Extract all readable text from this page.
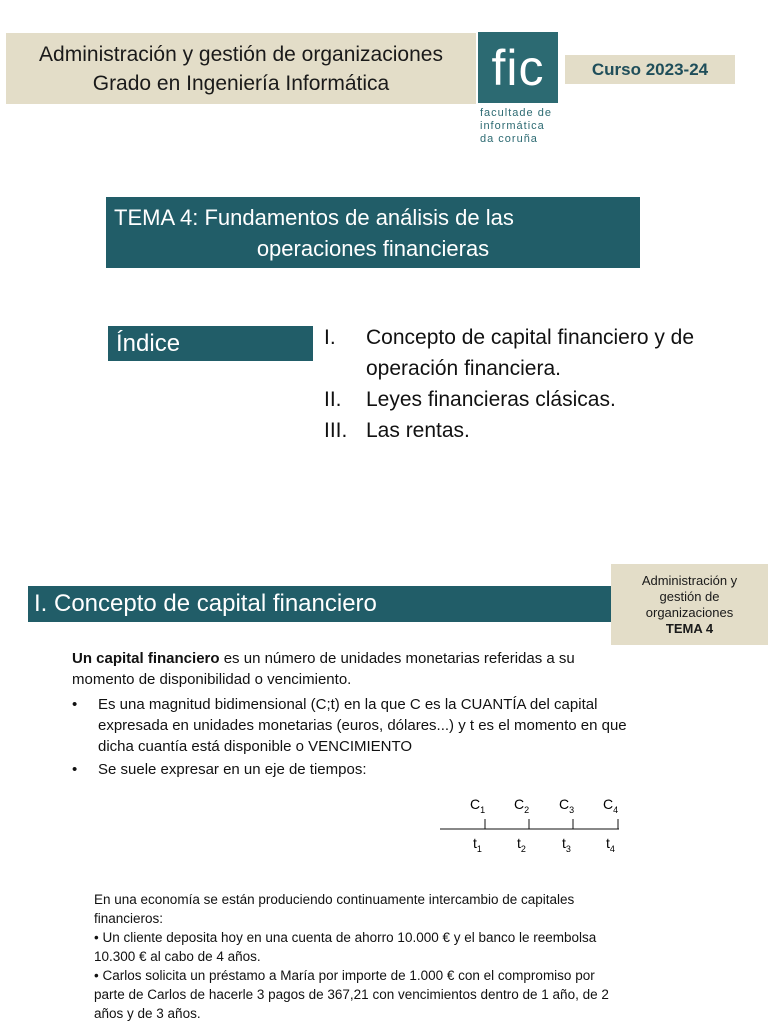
Administración y gestión de organizaciones
Grado en Ingeniería Informática fic
facultade de
informática
da coruña
Curso 2023-24
TEMA 4: Fundamentos de análisis de las
operaciones financieras
Índice	I.	Concepto de capital financiero y de operación financiera.
II.	Leyes financieras clásicas.
III. Las rentas.
I. Concepto de capital financiero
Administración y
gestión de
organizaciones
TEMA 4
Un capital financiero es un número de unidades monetarias referidas a su momento de disponibilidad o vencimiento.
•	Es una magnitud bidimensional (C;t) en la que C es la CUANTÍA del capital expresada en unidades monetarias (euros, dólares...) y t es el momento en que dicha cuantía está disponible o VENCIMIENTO
•	Se suele expresar en un eje de tiempos:
$C_1$ $C_2$ $C_3$ $C_4$
$t_1$	$t_2$	$t_3$	$t_4$

En una economía se están produciendo continuamente intercambio de capitales financieros:

• Un cliente deposita hoy en una cuenta de ahorro 10.000 € y el banco le reembolsa 10.300 € al cabo de 4 años.

• Carlos solicita un préstamo a María por importe de 1.000 € con el compromiso por parte de Carlos de hacerle 3 pagos de 367,21 con vencimientos dentro de 1 año, de 2 años y de 3 años.
